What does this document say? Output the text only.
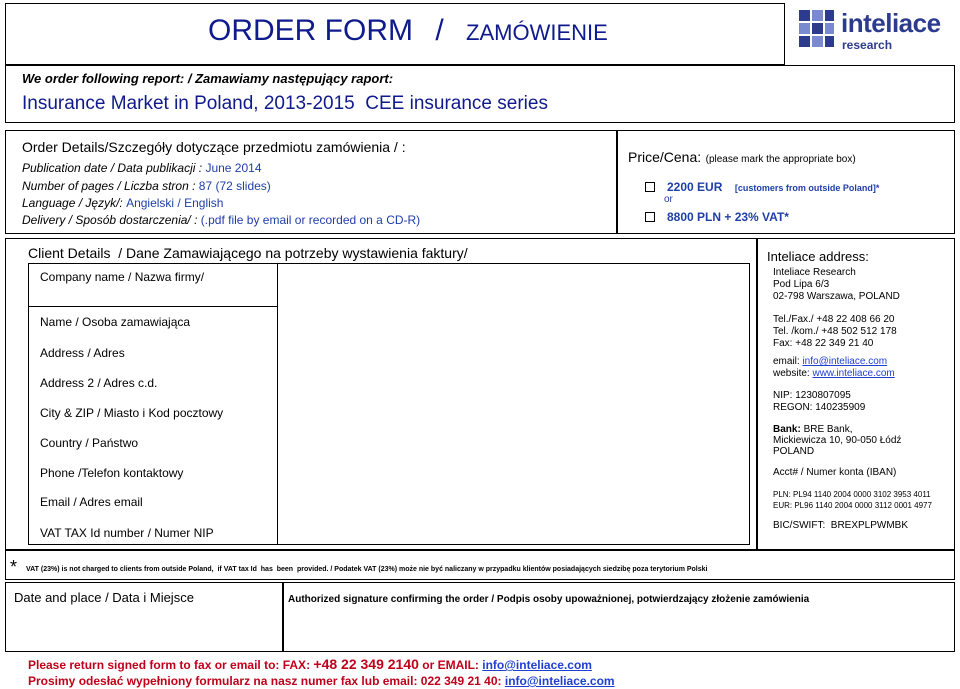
ORDER FORM / ZAMÓWIENIE	inteliace
research
We order following report: / Zamawiamy następujący raport:
Insurance Market in Poland, 2013-2015  CEE insurance series
Order Details/Szczegóły dotyczące przedmiotu zamówienia / :
Publication date / Data publikacji : June 2014
Number of pages / Liczba stron : 87 (72 slides)
Language / Język/: Angielski / English
Delivery / Sposób dostarczenia/ : (.pdf file by email or recorded on a CD-R)
Price/Cena: (please mark the appropriate box)
2200 EUR [customers from outside Poland]*
or
8800 PLN + 23% VAT*
Client Details  / Dane Zamawiającego na potrzeby wystawienia faktury/
Company name / Nazwa firmy/
Name / Osoba zamawiająca
Address / Adres
Address 2 / Adres c.d.
City & ZIP / Miasto i Kod pocztowy
Country / Państwo
Phone /Telefon kontaktowy
Email / Adres email
VAT TAX Id number / Numer NIP
Inteliace address:
Inteliace Research
Pod Lipa 6/3
02-798 Warszawa, POLAND
Tel./Fax./ +48 22 408 66 20
Tel. /kom./ +48 502 512 178
Fax: +48 22 349 21 40
email: info@inteliace.com
website: www.inteliace.com
NIP: 1230807095
REGON: 140235909
Bank: BRE Bank,
Mickiewicza 10, 90-050 Łódź
POLAND
Acct# / Numer konta (IBAN)
PLN: PL94 1140 2004 0000 3102 3953 4011
EUR: PL96 1140 2004 0000 3112 0001 4977
BIC/SWIFT:  BREXPLPWMBK
* VAT (23%) is not charged to clients from outside Poland,  if VAT tax Id  has  been  provided. / Podatek VAT (23%) może nie być naliczany w przypadku klientów posiadających siedzibę poza terytorium Polski
Date and place / Data i Miejsce	Authorized signature confirming the order / Podpis osoby upoważnionej, potwierdzający złożenie zamówienia
Please return signed form to fax or email to: FAX: +48 22 349 2140 or EMAIL: info@inteliace.com
Prosimy odesłać wypełniony formularz na nasz numer fax lub email: 022 349 21 40: info@inteliace.com
